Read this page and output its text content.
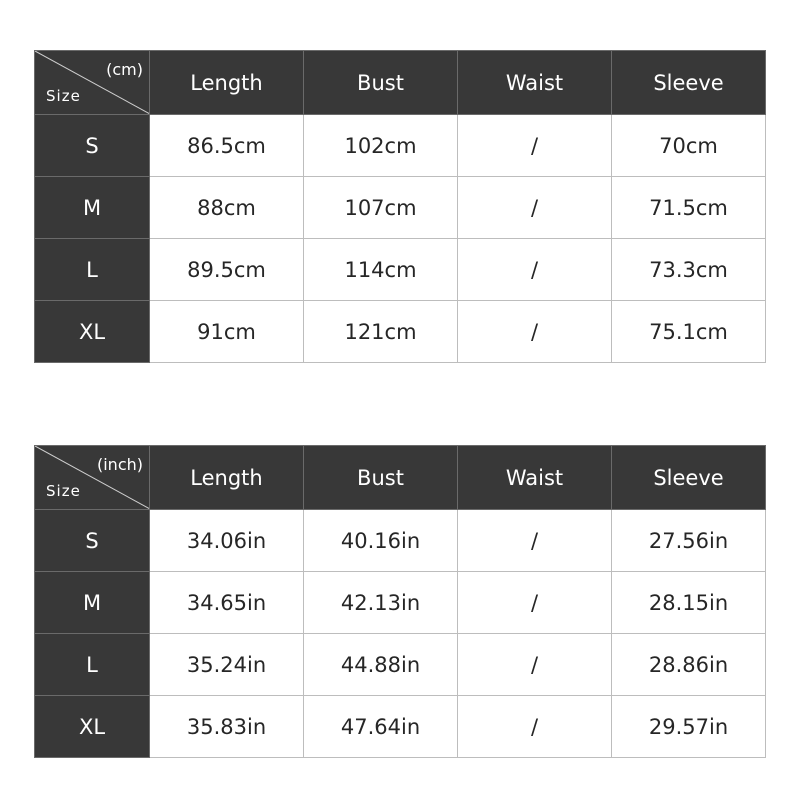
(cm)
Size	Length	Bust	Waist	Sleeve
S	86.5cm	102cm	/	70cm
M	88cm	107cm	/	71.5cm
L	89.5cm	114cm	/	73.3cm
XL	91cm	121cm	/	75.1cm
(inch)
Size	Length	Bust	Waist	Sleeve
S	34.06in	40.16in	/	27.56in
M	34.65in	42.13in	/	28.15in
L	35.24in	44.88in	/	28.86in
XL	35.83in	47.64in	/	29.57in
